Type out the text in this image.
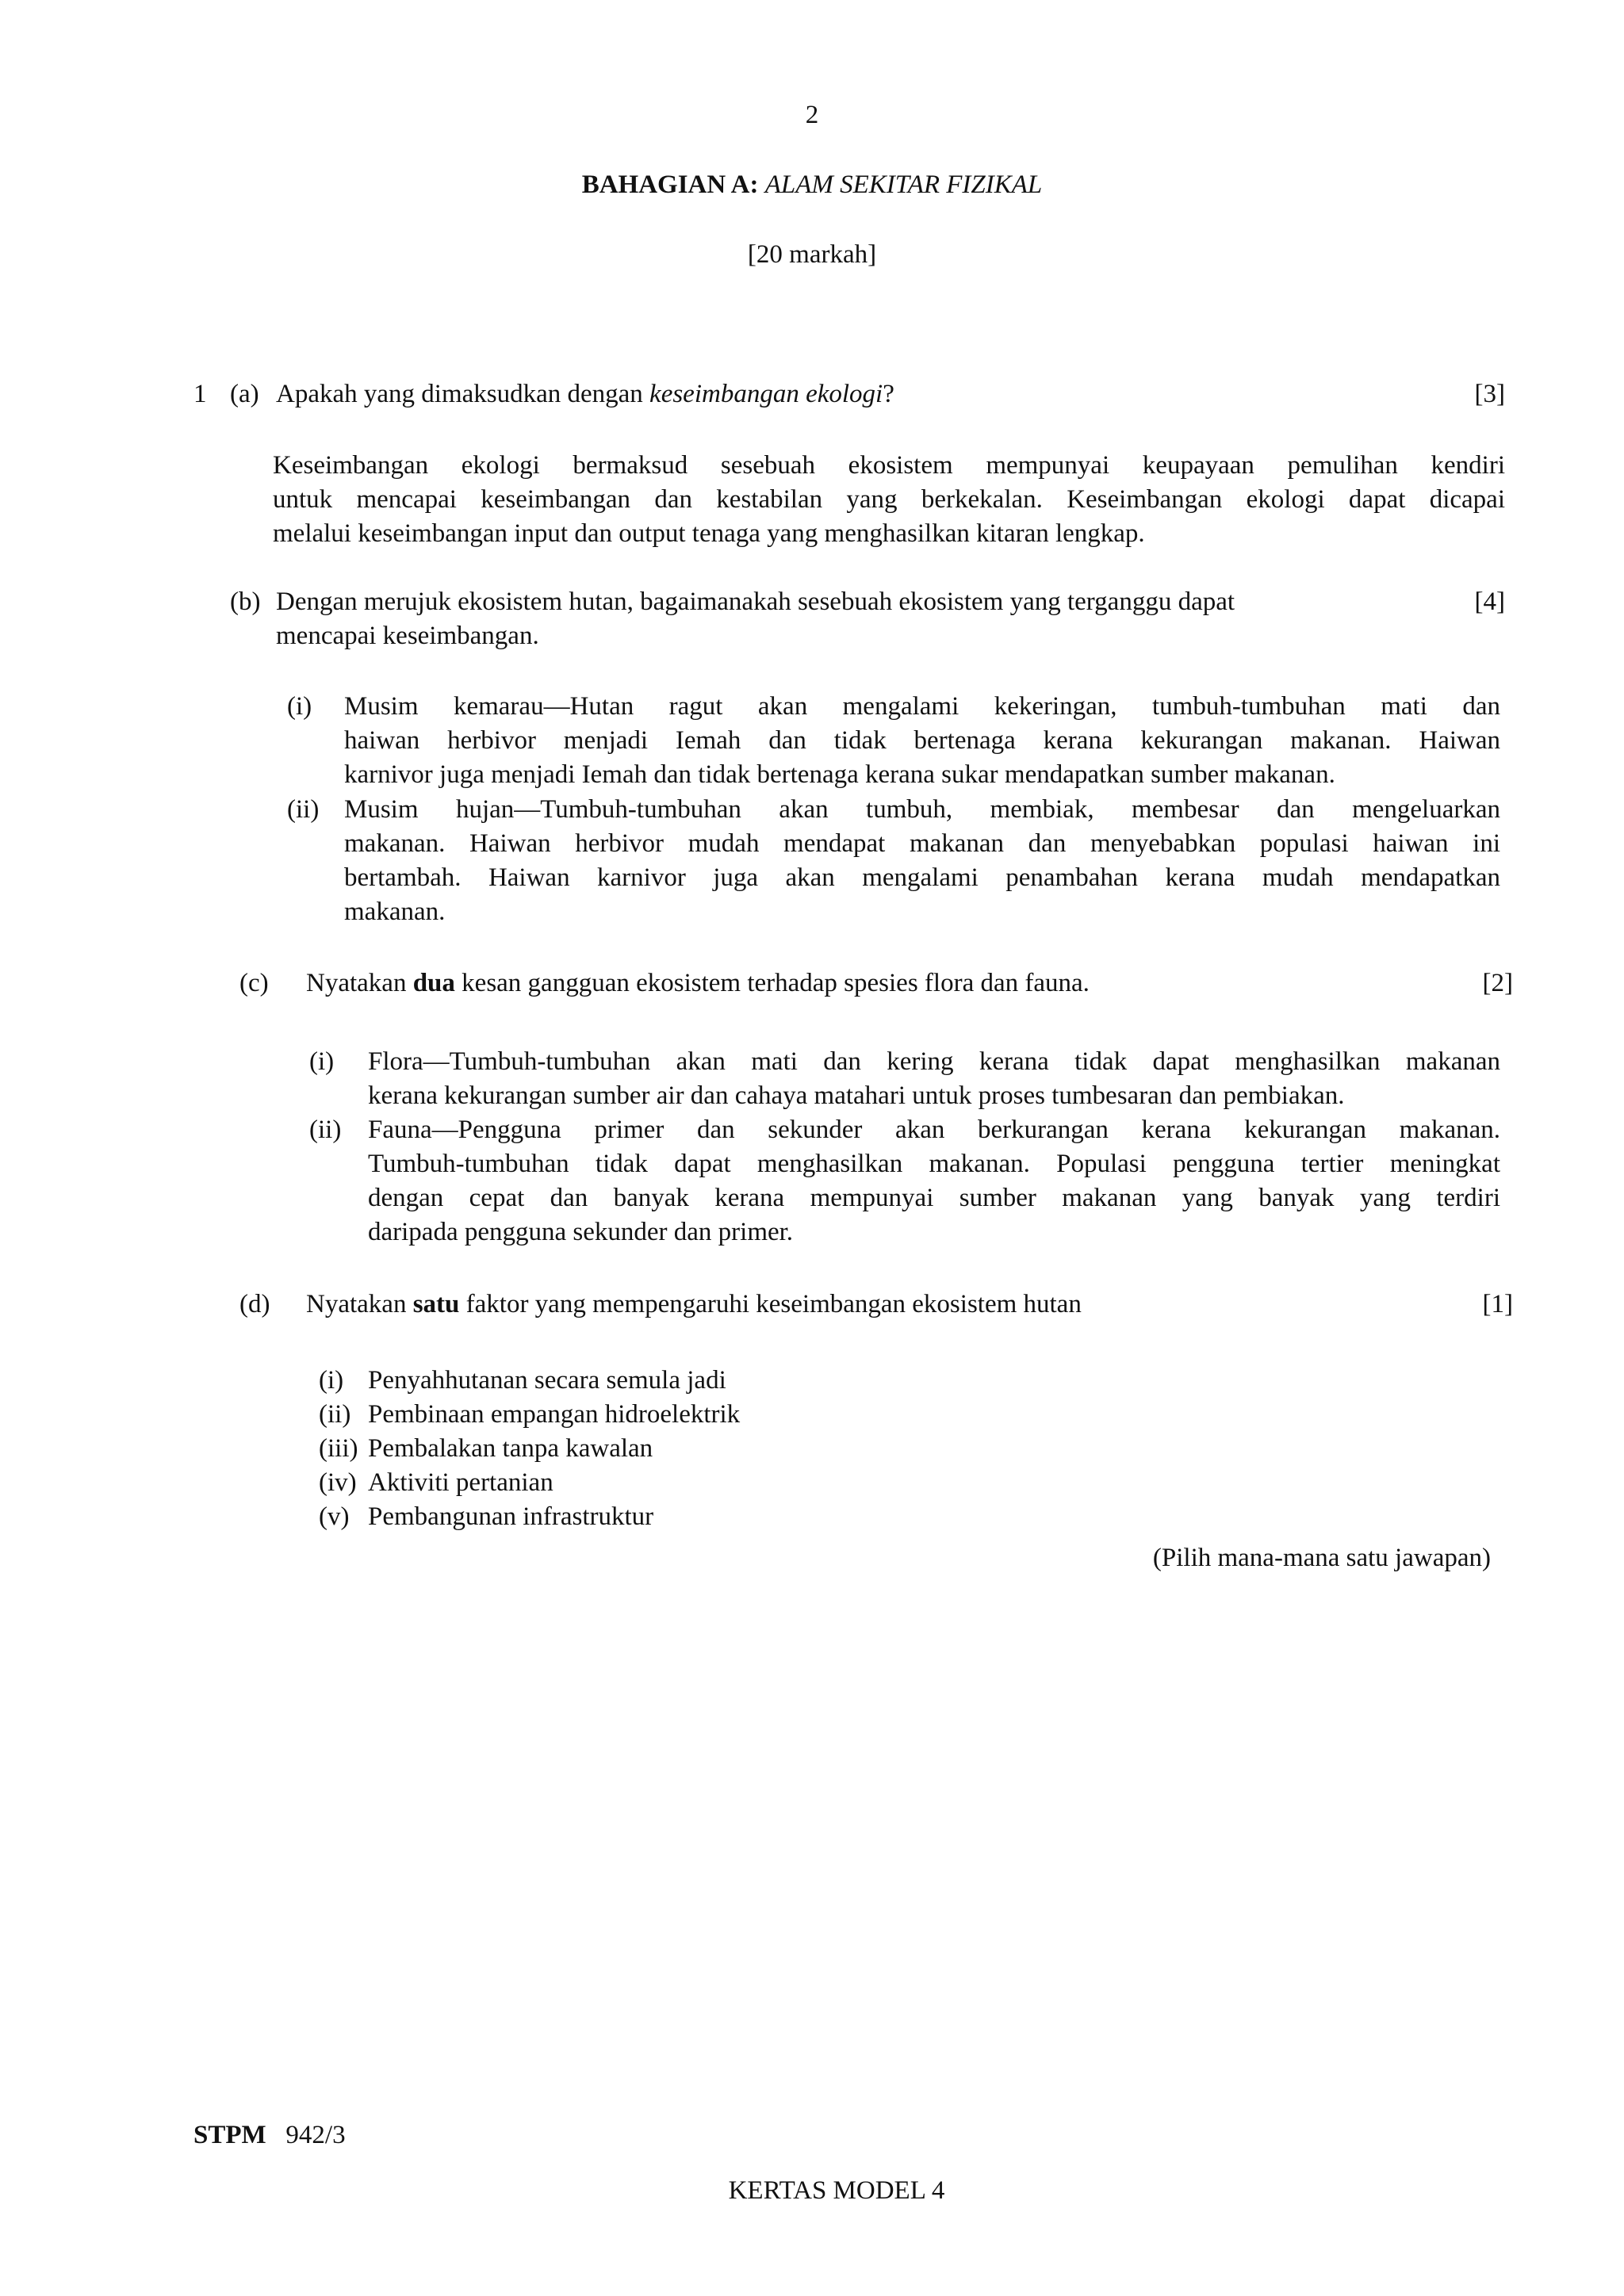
2
BAHAGIAN A: ALAM SEKITAR FIZIKAL
[20 markah]
1 (a) Apakah yang dimaksudkan dengan keseimbangan ekologi?	[3]
Keseimbangan ekologi bermaksud sesebuah ekosistem mempunyai keupayaan pemulihan kendiri
untuk mencapai keseimbangan dan kestabilan yang berkekalan. Keseimbangan ekologi dapat dicapai
melalui keseimbangan input dan output tenaga yang menghasilkan kitaran lengkap.
(b) Dengan merujuk ekosistem hutan, bagaimanakah sesebuah ekosistem yang terganggu dapat
mencapai keseimbangan.
[4]
(i) Musim kemarau—Hutan ragut akan mengalami kekeringan, tumbuh-tumbuhan mati dan
haiwan herbivor menjadi Iemah dan tidak bertenaga kerana kekurangan makanan. Haiwan
karnivor juga menjadi Iemah dan tidak bertenaga kerana sukar mendapatkan sumber makanan.
(ii) Musim hujan—Tumbuh-tumbuhan akan tumbuh, membiak, membesar dan mengeluarkan
makanan. Haiwan herbivor mudah mendapat makanan dan menyebabkan populasi haiwan ini
bertambah. Haiwan karnivor juga akan mengalami penambahan kerana mudah mendapatkan
makanan.
(c) Nyatakan dua kesan gangguan ekosistem terhadap spesies flora dan fauna.	[2]
(i) Flora—Tumbuh-tumbuhan akan mati dan kering kerana tidak dapat menghasilkan makanan
kerana kekurangan sumber air dan cahaya matahari untuk proses tumbesaran dan pembiakan.
(ii) Fauna—Pengguna primer dan sekunder akan berkurangan kerana kekurangan makanan.
Tumbuh-tumbuhan tidak dapat menghasilkan makanan. Populasi pengguna tertier meningkat
dengan cepat dan banyak kerana mempunyai sumber makanan yang banyak yang terdiri
daripada pengguna sekunder dan primer.
(d) Nyatakan satu faktor yang mempengaruhi keseimbangan ekosistem hutan	[1]
(i) Penyahhutanan secara semula jadi
(ii) Pembinaan empangan hidroelektrik
(iii) Pembalakan tanpa kawalan
(iv) Aktiviti pertanian
(v) Pembangunan infrastruktur
(Pilih mana-mana satu jawapan)
STPM 942/3
KERTAS MODEL 4
